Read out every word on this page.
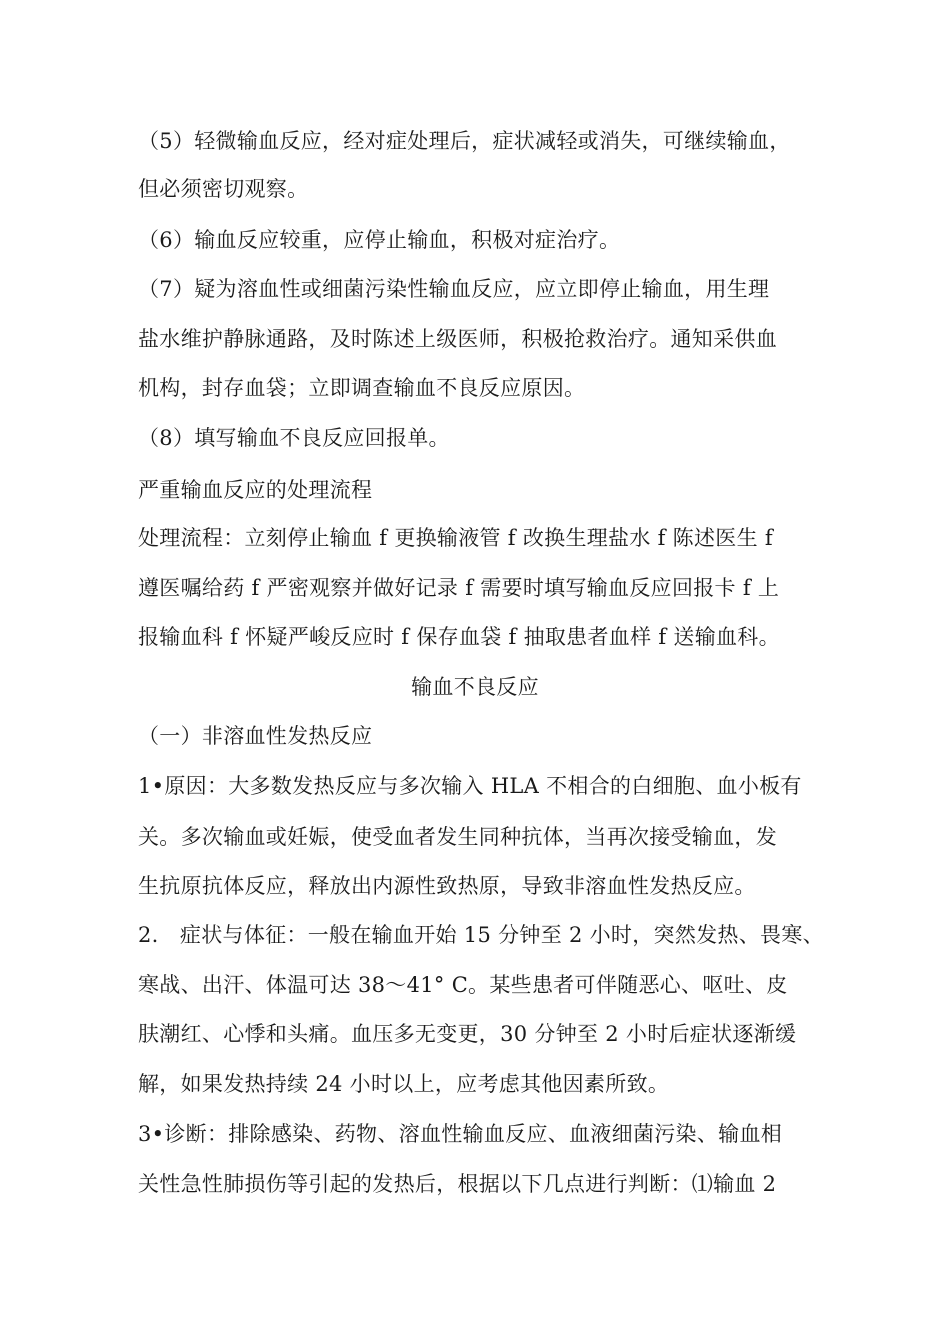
（5）轻微输血反应，经对症处理后，症状减轻或消失，可继续输血，
但必须密切观察。
（6）输血反应较重，应停止输血，积极对症治疗。
（7）疑为溶血性或细菌污染性输血反应，应立即停止输血，用生理
盐水维护静脉通路，及时陈述上级医师，积极抢救治疗。通知采供血
机构，封存血袋；立即调查输血不良反应原因。
（8）填写输血不良反应回报单。
严重输血反应的处理流程
处理流程：立刻停止输血 f 更换输液管 f 改换生理盐水 f 陈述医生 f
遵医嘱给药 f 严密观察并做好记录 f 需要时填写输血反应回报卡 f 上
报输血科 f 怀疑严峻反应时 f 保存血袋 f 抽取患者血样 f 送输血科。
输血不良反应
（一）非溶血性发热反应
1•原因：大多数发热反应与多次输入 HLA 不相合的白细胞、血小板有
关。多次输血或妊娠，使受血者发生同种抗体，当再次接受输血，发
生抗原抗体反应，释放出内源性致热原，导致非溶血性发热反应。
2.　症状与体征：一般在输血开始 15 分钟至 2 小时，突然发热、畏寒、
寒战、出汗、体温可达 38〜41° C。某些患者可伴随恶心、呕吐、皮
肤潮红、心悸和头痛。血压多无变更，30 分钟至 2 小时后症状逐渐缓
解，如果发热持续 24 小时以上，应考虑其他因素所致。
3•诊断：排除感染、药物、溶血性输血反应、血液细菌污染、输血相
关性急性肺损伤等引起的发热后，根据以下几点进行判断：⑴输血 2
